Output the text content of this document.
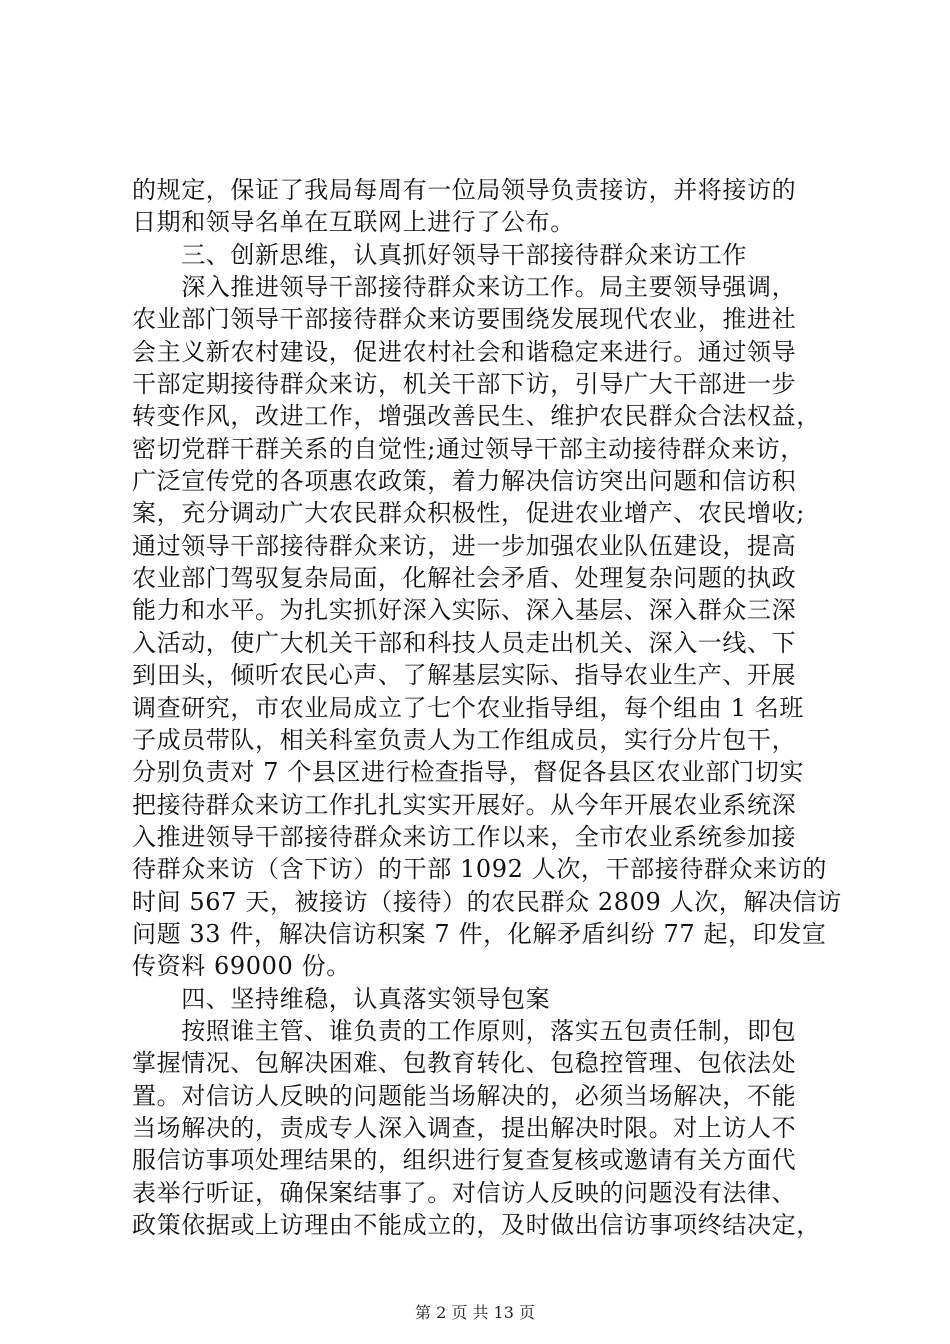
的规定，保证了我局每周有一位局领导负责接访，并将接访的
日期和领导名单在互联网上进行了公布。
　　三、创新思维，认真抓好领导干部接待群众来访工作
　　深入推进领导干部接待群众来访工作。局主要领导强调，
农业部门领导干部接待群众来访要围绕发展现代农业，推进社
会主义新农村建设，促进农村社会和谐稳定来进行。通过领导
干部定期接待群众来访，机关干部下访，引导广大干部进一步
转变作风，改进工作，增强改善民生、维护农民群众合法权益，
密切党群干群关系的自觉性;通过领导干部主动接待群众来访，
广泛宣传党的各项惠农政策，着力解决信访突出问题和信访积
案，充分调动广大农民群众积极性，促进农业增产、农民增收;
通过领导干部接待群众来访，进一步加强农业队伍建设，提高
农业部门驾驭复杂局面，化解社会矛盾、处理复杂问题的执政
能力和水平。为扎实抓好深入实际、深入基层、深入群众三深
入活动，使广大机关干部和科技人员走出机关、深入一线、下
到田头，倾听农民心声、了解基层实际、指导农业生产、开展
调查研究，市农业局成立了七个农业指导组，每个组由 1 名班
子成员带队，相关科室负责人为工作组成员，实行分片包干，
分别负责对 7 个县区进行检查指导，督促各县区农业部门切实
把接待群众来访工作扎扎实实开展好。从今年开展农业系统深
入推进领导干部接待群众来访工作以来，全市农业系统参加接
待群众来访（含下访）的干部 1092 人次，干部接待群众来访的
时间 567 天，被接访（接待）的农民群众 2809 人次，解决信访
问题 33 件，解决信访积案 7 件，化解矛盾纠纷 77 起，印发宣
传资料 69000 份。
　　四、坚持维稳，认真落实领导包案
　　按照谁主管、谁负责的工作原则，落实五包责任制，即包
掌握情况、包解决困难、包教育转化、包稳控管理、包依法处
置。对信访人反映的问题能当场解决的，必须当场解决，不能
当场解决的，责成专人深入调查，提出解决时限。对上访人不
服信访事项处理结果的，组织进行复查复核或邀请有关方面代
表举行听证，确保案结事了。对信访人反映的问题没有法律、
政策依据或上访理由不能成立的，及时做出信访事项终结决定，
第 2 页 共 13 页
